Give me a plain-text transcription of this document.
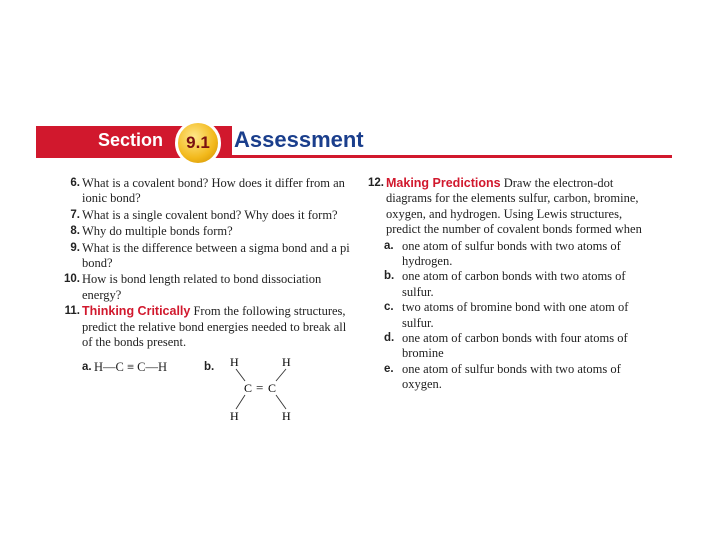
Section	9.1	Assessment
6. What is a covalent bond? How does it differ from an ionic bond?
7. What is a single covalent bond? Why does it form?
8. Why do multiple bonds form?
9. What is the difference between a sigma bond and a pi bond?
10. How is bond length related to bond dissociation energy?
11. Thinking Critically From the following structures, predict the relative bond energies needed to break all of the bonds present.
a. H—C ≡ C—H	b. H	H
C = C
H	H
12. Making Predictions Draw the electron-dot diagrams for the elements sulfur, carbon, bromine, oxygen, and hydrogen. Using Lewis structures, predict the number of covalent bonds formed when
a. one atom of sulfur bonds with two atoms of hydrogen.
b. one atom of carbon bonds with two atoms of sulfur.
c. two atoms of bromine bond with one atom of sulfur.
d. one atom of carbon bonds with four atoms of bromine
e. one atom of sulfur bonds with two atoms of oxygen.
